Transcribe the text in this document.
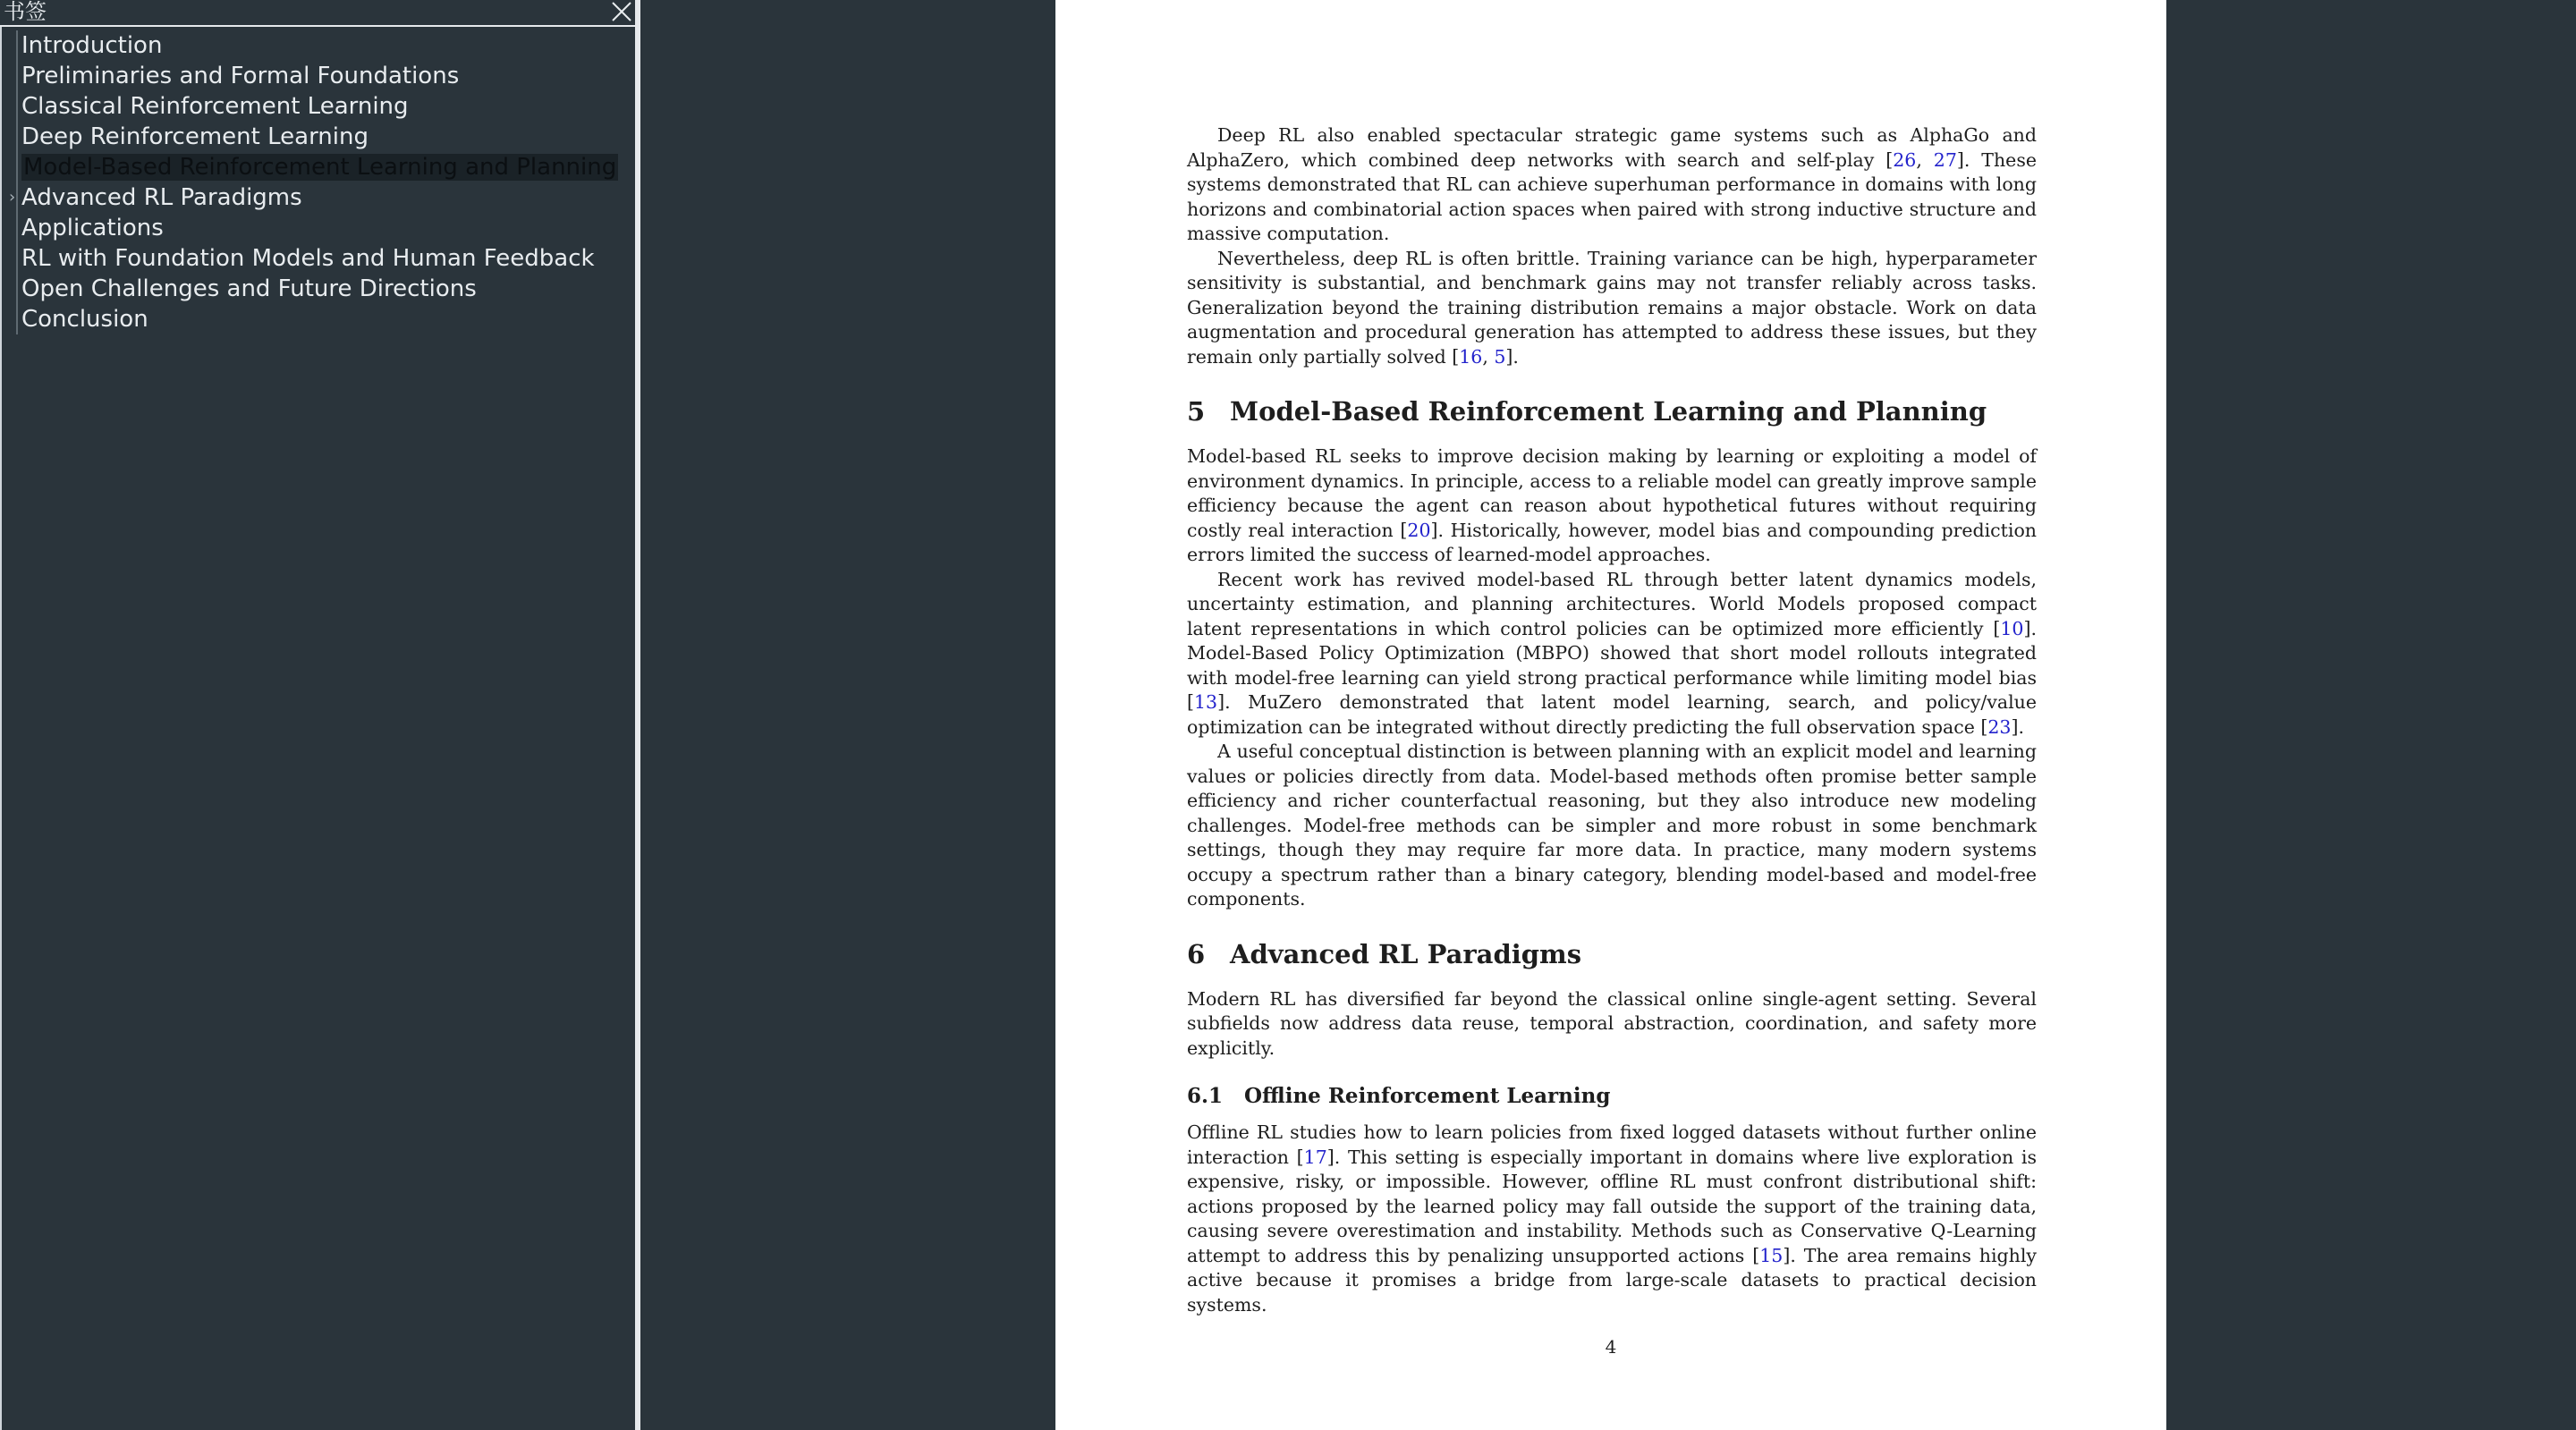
书签
Introduction
Preliminaries and Formal Foundations
Classical Reinforcement Learning
Deep Reinforcement Learning
Model-Based Reinforcement Learning and Planning
› Advanced RL Paradigms
Applications
RL with Foundation Models and Human Feedback
Open Challenges and Future Directions
Conclusion

Deep RL also enabled spectacular strategic game systems such as AlphaGo and AlphaZero, which combined deep networks with search and self-play [26, 27]. These systems demonstrated that RL can achieve superhuman performance in domains with long horizons and combinatorial action spaces when paired with strong inductive structure and massive computation.

Nevertheless, deep RL is often brittle. Training variance can be high, hyperparameter sensitivity is substantial, and benchmark gains may not transfer reliably across tasks. Generalization beyond the training distribution remains a major obstacle. Work on data augmentation and procedural generation has attempted to address these issues, but they remain only partially solved [16, 5].

5 Model-Based Reinforcement Learning and Planning

Model-based RL seeks to improve decision making by learning or exploiting a model of environment dynamics. In principle, access to a reliable model can greatly improve sample efficiency because the agent can reason about hypothetical futures without requiring costly real interaction [20]. Historically, however, model bias and compounding prediction errors limited the success of learned-model approaches.

Recent work has revived model-based RL through better latent dynamics models, uncertainty estimation, and planning architectures. World Models proposed compact latent representations in which control policies can be optimized more efficiently [10]. Model-Based Policy Optimization (MBPO) showed that short model rollouts integrated with model-free learning can yield strong practical performance while limiting model bias [13]. MuZero demonstrated that latent model learning, search, and policy/value optimization can be integrated without directly predicting the full observation space [23].

A useful conceptual distinction is between planning with an explicit model and learning values or policies directly from data. Model-based methods often promise better sample efficiency and richer counterfactual reasoning, but they also introduce new modeling challenges. Model-free methods can be simpler and more robust in some benchmark settings, though they may require far more data. In practice, many modern systems occupy a spectrum rather than a binary category, blending model-based and model-free components.

6 Advanced RL Paradigms

Modern RL has diversified far beyond the classical online single-agent setting. Several subfields now address data reuse, temporal abstraction, coordination, and safety more explicitly.

6.1 Offline Reinforcement Learning

Offline RL studies how to learn policies from fixed logged datasets without further online interaction [17]. This setting is especially important in domains where live exploration is expensive, risky, or impossible. However, offline RL must confront distributional shift: actions proposed by the learned policy may fall outside the support of the training data, causing severe overestimation and instability. Methods such as Conservative Q-Learning attempt to address this by penalizing unsupported actions [15]. The area remains highly active because it promises a bridge from large-scale datasets to practical decision systems.

4
